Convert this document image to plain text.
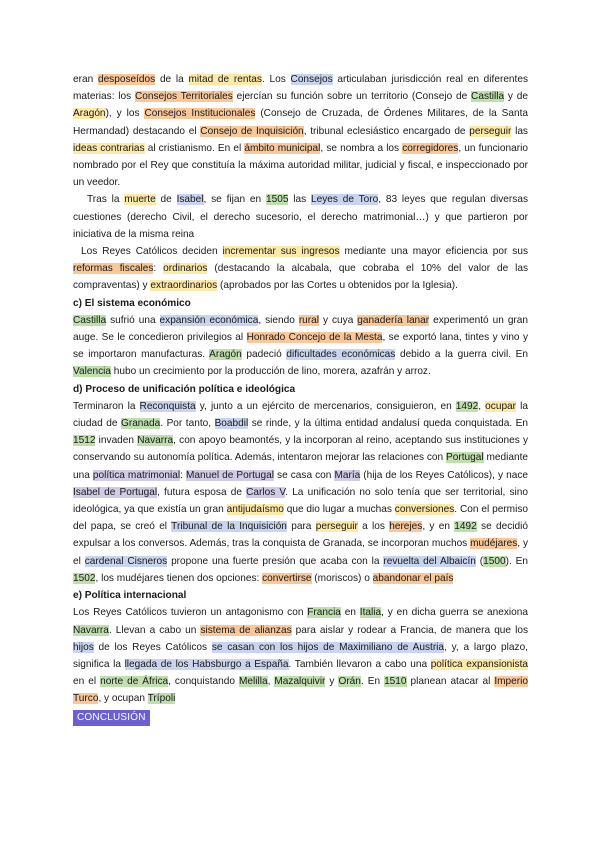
eran desposeídos de la mitad de rentas. Los Consejos articulaban jurisdicción real en diferentes materias: los Consejos Territoriales ejercían su función sobre un territorio (Consejo de Castilla y de Aragón), y los Consejos Institucionales (Consejo de Cruzada, de Órdenes Militares, de la Santa Hermandad) destacando el Consejo de Inquisición, tribunal eclesiástico encargado de perseguir las ideas contrarias al cristianismo. En el ámbito municipal, se nombra a los corregidores, un funcionario nombrado por el Rey que constituía la máxima autoridad militar, judicial y fiscal, e inspeccionado por un veedor.

Tras la muerte de Isabel, se fijan en 1505 las Leyes de Toro, 83 leyes que regulan diversas cuestiones (derecho Civil, el derecho sucesorio, el derecho matrimonial…) y que partieron por iniciativa de la misma reina

Los Reyes Católicos deciden incrementar sus ingresos mediante una mayor eficiencia por sus reformas fiscales: ordinarios (destacando la alcabala, que cobraba el 10% del valor de las compraventas) y extraordinarios (aprobados por las Cortes u obtenidos por la Iglesia).

c) El sistema económico

Castilla sufrió una expansión económica, siendo rural y cuya ganadería lanar experimentó un gran auge. Se le concedieron privilegios al Honrado Concejo de la Mesta, se exportó lana, tintes y vino y se importaron manufacturas. Aragón padeció dificultades económicas debido a la guerra civil. En Valencia hubo un crecimiento por la producción de lino, morera, azafrán y arroz.

d) Proceso de unificación política e ideológica

Terminaron la Reconquista y, junto a un ejército de mercenarios, consiguieron, en 1492, ocupar la ciudad de Granada. Por tanto, Boabdil se rinde, y la última entidad andalusí queda conquistada. En 1512 invaden Navarra, con apoyo beamontés, y la incorporan al reino, aceptando sus instituciones y conservando su autonomía política. Además, intentaron mejorar las relaciones con Portugal mediante una política matrimonial: Manuel de Portugal se casa con María (hija de los Reyes Católicos), y nace Isabel de Portugal, futura esposa de Carlos V. La unificación no solo tenía que ser territorial, sino ideológica, ya que existía un gran antijudaísmo que dio lugar a muchas conversiones. Con el permiso del papa, se creó el Tribunal de la Inquisición para perseguir a los herejes, y en 1492 se decidió expulsar a los conversos. Además, tras la conquista de Granada, se incorporan muchos mudéjares, y el cardenal Cisneros propone una fuerte presión que acaba con la revuelta del Albaicín (1500). En 1502, los mudéjares tienen dos opciones: convertirse (moriscos) o abandonar el país

e) Política internacional

Los Reyes Católicos tuvieron un antagonismo con Francia en Italia, y en dicha guerra se anexiona Navarra. Llevan a cabo un sistema de alianzas para aislar y rodear a Francia, de manera que los hijos de los Reyes Católicos se casan con los hijos de Maximiliano de Austria, y, a largo plazo, significa la llegada de los Habsburgo a España. También llevaron a cabo una política expansionista en el norte de África, conquistando Melilla, Mazalquivir y Orán. En 1510 planean atacar al Imperio Turco, y ocupan Trípoli

CONCLUSIÓN
